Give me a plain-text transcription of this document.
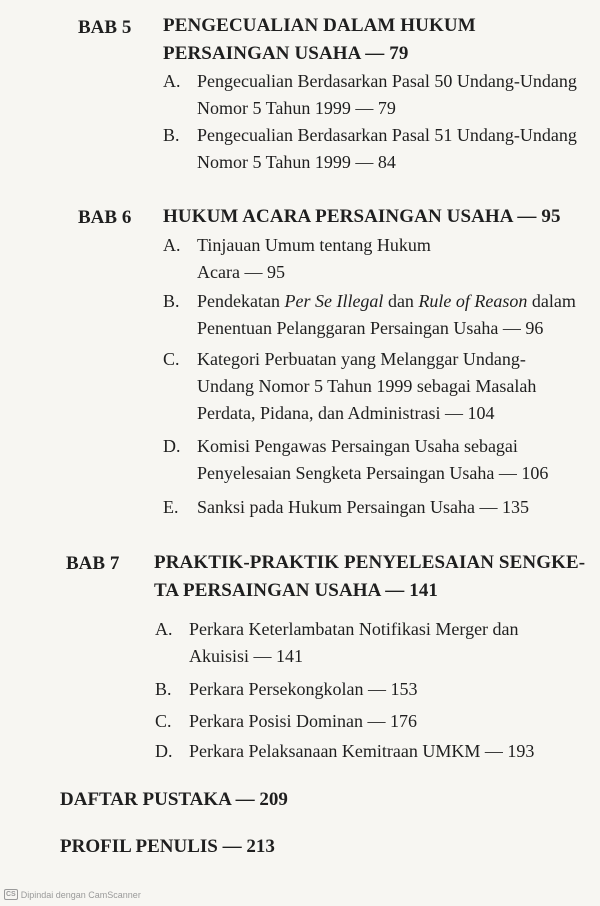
BAB 5 PENGECUALIAN DALAM HUKUM
PERSAINGAN USAHA — 79
A. Pengecualian Berdasarkan Pasal 50 Undang-Undang
Nomor 5 Tahun 1999 — 79
B. Pengecualian Berdasarkan Pasal 51 Undang-Undang
Nomor 5 Tahun 1999 — 84
BAB 6 HUKUM ACARA PERSAINGAN USAHA — 95
A. Tinjauan Umum tentang Hukum
Acara — 95
B. Pendekatan Per Se Illegal dan Rule of Reason dalam
Penentuan Pelanggaran Persaingan Usaha — 96
C. Kategori Perbuatan yang Melanggar Undang-
Undang Nomor 5 Tahun 1999 sebagai Masalah
Perdata, Pidana, dan Administrasi — 104
D. Komisi Pengawas Persaingan Usaha sebagai
Penyelesaian Sengketa Persaingan Usaha — 106
E. Sanksi pada Hukum Persaingan Usaha — 135
BAB 7 PRAKTIK-PRAKTIK PENYELESAIAN SENGKE-
TA PERSAINGAN USAHA — 141
A. Perkara Keterlambatan Notifikasi Merger dan
Akuisisi — 141
B. Perkara Persekongkolan — 153
C. Perkara Posisi Dominan — 176
D. Perkara Pelaksanaan Kemitraan UMKM — 193
DAFTAR PUSTAKA — 209
PROFIL PENULIS — 213
CS Dipindai dengan CamScanner
